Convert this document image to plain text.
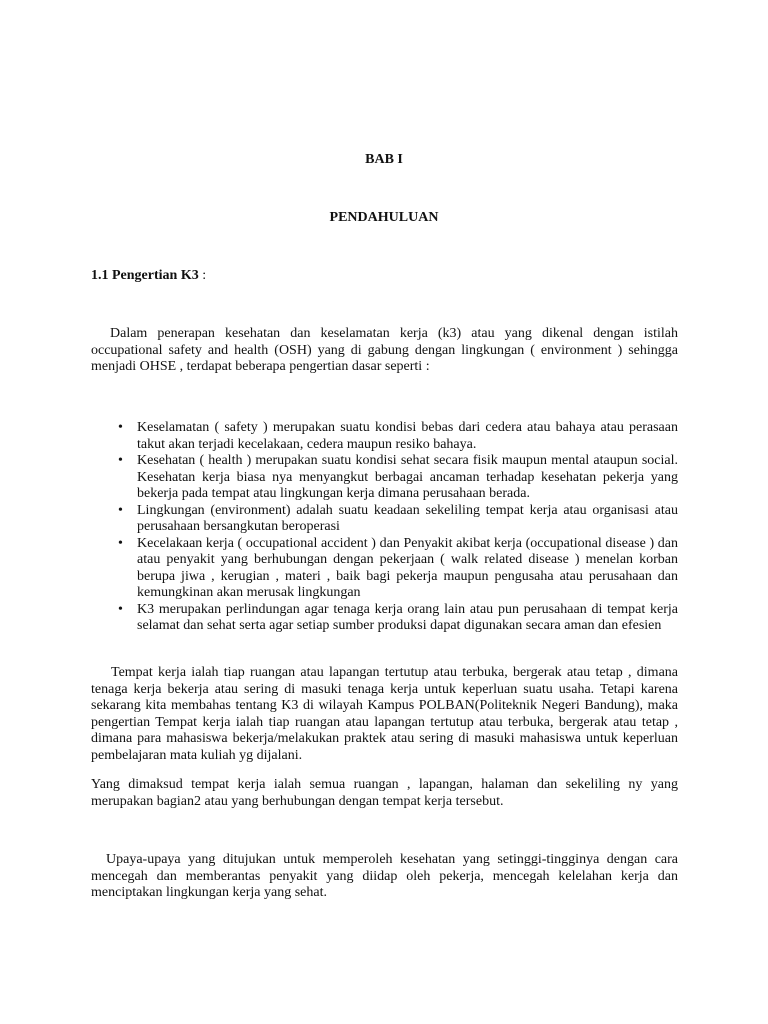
BAB I

PENDAHULUAN

1.1 Pengertian K3 :

Dalam penerapan kesehatan dan keselamatan kerja (k3) atau yang dikenal dengan istilah occupational safety and health (OSH) yang di gabung dengan lingkungan ( environment ) sehingga menjadi OHSE , terdapat beberapa pengertian dasar seperti :

• Keselamatan ( safety ) merupakan suatu kondisi bebas dari cedera atau bahaya atau perasaan takut akan terjadi kecelakaan, cedera maupun resiko bahaya.
• Kesehatan ( health ) merupakan suatu kondisi sehat secara fisik maupun mental ataupun social. Kesehatan kerja biasa nya menyangkut berbagai ancaman terhadap kesehatan pekerja yang bekerja pada tempat atau lingkungan kerja dimana perusahaan berada.
• Lingkungan (environment) adalah suatu keadaan sekeliling tempat kerja atau organisasi atau perusahaan bersangkutan beroperasi
• Kecelakaan kerja ( occupational accident ) dan Penyakit akibat kerja (occupational disease ) dan atau penyakit yang berhubungan dengan pekerjaan ( walk related disease ) menelan korban berupa jiwa , kerugian , materi , baik bagi pekerja maupun pengusaha atau perusahaan dan kemungkinan akan merusak lingkungan
• K3 merupakan perlindungan agar tenaga kerja orang lain atau pun perusahaan di tempat kerja selamat dan sehat serta agar setiap sumber produksi dapat digunakan secara aman dan efesien

Tempat kerja ialah tiap ruangan atau lapangan tertutup atau terbuka, bergerak atau tetap , dimana tenaga kerja bekerja atau sering di masuki tenaga kerja untuk keperluan suatu usaha. Tetapi karena sekarang kita membahas tentang K3 di wilayah Kampus POLBAN(Politeknik Negeri Bandung), maka pengertian Tempat kerja ialah tiap ruangan atau lapangan tertutup atau terbuka, bergerak atau tetap , dimana para mahasiswa bekerja/melakukan praktek atau sering di masuki mahasiswa untuk keperluan pembelajaran mata kuliah yg dijalani.

Yang dimaksud tempat kerja ialah semua ruangan , lapangan, halaman dan sekeliling ny yang merupakan bagian2 atau yang berhubungan dengan tempat kerja tersebut.

Upaya-upaya yang ditujukan untuk memperoleh kesehatan yang setinggi-tingginya dengan cara mencegah dan memberantas penyakit yang diidap oleh pekerja, mencegah kelelahan kerja dan menciptakan lingkungan kerja yang sehat.
